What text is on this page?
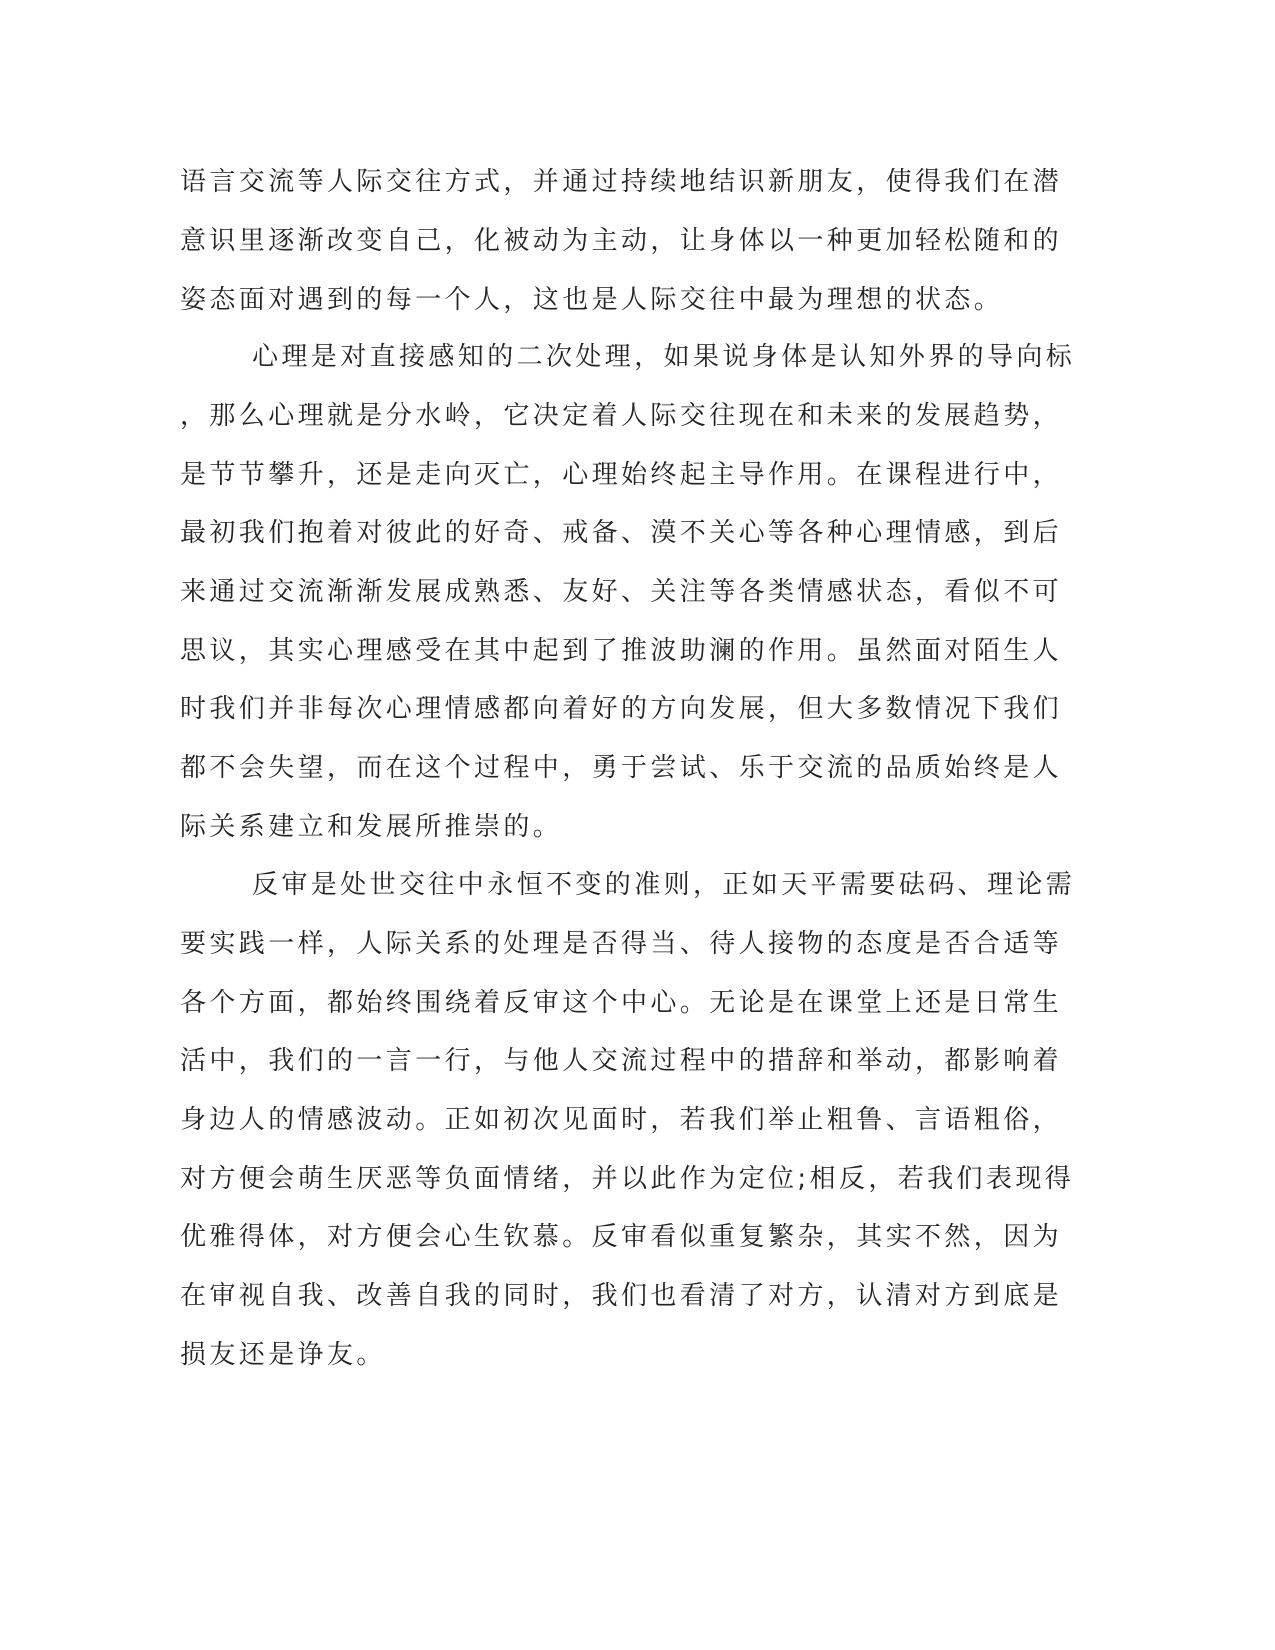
语言交流等人际交往方式，并通过持续地结识新朋友，使得我们在潜
意识里逐渐改变自己，化被动为主动，让身体以一种更加轻松随和的
姿态面对遇到的每一个人，这也是人际交往中最为理想的状态。
心理是对直接感知的二次处理，如果说身体是认知外界的导向标
，那么心理就是分水岭，它决定着人际交往现在和未来的发展趋势，
是节节攀升，还是走向灭亡，心理始终起主导作用。在课程进行中，
最初我们抱着对彼此的好奇、戒备、漠不关心等各种心理情感，到后
来通过交流渐渐发展成熟悉、友好、关注等各类情感状态，看似不可
思议，其实心理感受在其中起到了推波助澜的作用。虽然面对陌生人
时我们并非每次心理情感都向着好的方向发展，但大多数情况下我们
都不会失望，而在这个过程中，勇于尝试、乐于交流的品质始终是人
际关系建立和发展所推崇的。
反审是处世交往中永恒不变的准则，正如天平需要砝码、理论需
要实践一样，人际关系的处理是否得当、待人接物的态度是否合适等
各个方面，都始终围绕着反审这个中心。无论是在课堂上还是日常生
活中，我们的一言一行，与他人交流过程中的措辞和举动，都影响着
身边人的情感波动。正如初次见面时，若我们举止粗鲁、言语粗俗，
对方便会萌生厌恶等负面情绪，并以此作为定位;相反，若我们表现得
优雅得体，对方便会心生钦慕。反审看似重复繁杂，其实不然，因为
在审视自我、改善自我的同时，我们也看清了对方，认清对方到底是
损友还是诤友。
